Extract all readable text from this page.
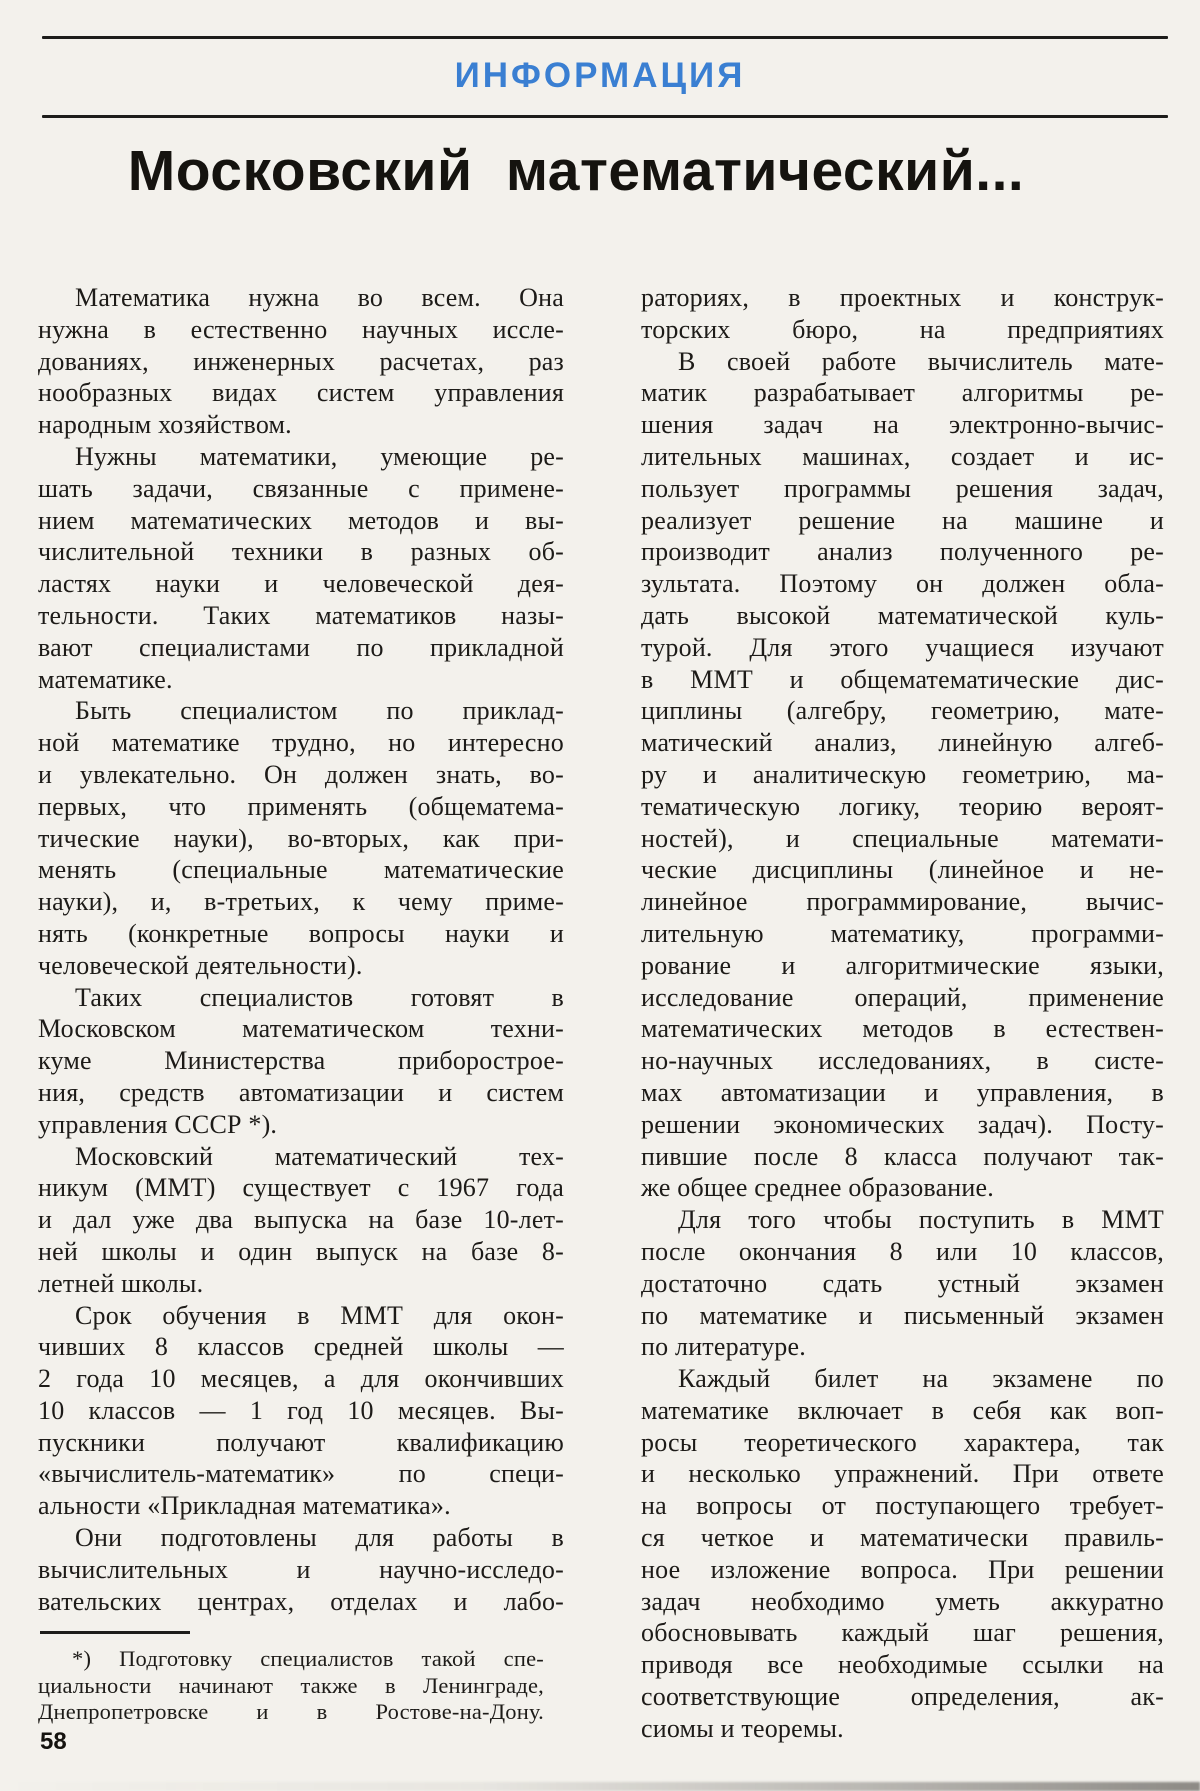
ИНФОРМАЦИЯ
Московский математический...
Математика нужна во всем. Она
нужна в естественно научных иссле-
дованиях, инженерных расчетах, раз
нообразных видах систем управления
народным хозяйством.
Нужны математики, умеющие ре-
шать задачи, связанные с примене-
нием математических методов и вы-
числительной техники в разных об-
ластях науки и человеческой дея-
тельности. Таких математиков назы-
вают специалистами по прикладной
математике.
Быть специалистом по приклад-
ной математике трудно, но интересно
и увлекательно. Он должен знать, во-
первых, что применять (общематема-
тические науки), во-вторых, как при-
менять (специальные математические
науки), и, в-третьих, к чему приме-
нять (конкретные вопросы науки и
человеческой деятельности).
Таких специалистов готовят в
Московском математическом техни-
куме Министерства приборострое-
ния, средств автоматизации и систем
управления СССР *).
Московский математический тех-
никум (ММТ) существует с 1967 года
и дал уже два выпуска на базе 10-лет-
ней школы и один выпуск на базе 8-
летней школы.
Срок обучения в ММТ для окон-
чивших 8 классов средней школы —
2 года 10 месяцев, а для окончивших
10 классов — 1 год 10 месяцев. Вы-
пускники получают квалификацию
«вычислитель-математик» по специ-
альности «Прикладная математика».
Они подготовлены для работы в
вычислительных и научно-исследо-
вательских центрах, отделах и лабо-
раториях, в проектных и конструк-
торских бюро, на предприятиях
В своей работе вычислитель мате-
матик разрабатывает алгоритмы ре-
шения задач на электронно-вычис-
лительных машинах, создает и ис-
пользует программы решения задач,
реализует решение на машине и
производит анализ полученного ре-
зультата. Поэтому он должен обла-
дать высокой математической куль-
турой. Для этого учащиеся изучают
в ММТ и общематематические дис-
циплины (алгебру, геометрию, мате-
матический анализ, линейную алгеб-
ру и аналитическую геометрию, ма-
тематическую логику, теорию вероят-
ностей), и специальные математи-
ческие дисциплины (линейное и не-
линейное программирование, вычис-
лительную математику, программи-
рование и алгоритмические языки,
исследование операций, применение
математических методов в естествен-
но-научных исследованиях, в систе-
мах автоматизации и управления, в
решении экономических задач). Посту-
пившие после 8 класса получают так-
же общее среднее образование.
Для того чтобы поступить в ММТ
после окончания 8 или 10 классов,
достаточно сдать устный экзамен
по математике и письменный экзамен
по литературе.
Каждый билет на экзамене по
математике включает в себя как воп-
росы теоретического характера, так
и несколько упражнений. При ответе
на вопросы от поступающего требует-
ся четкое и математически правиль-
ное изложение вопроса. При решении
задач необходимо уметь аккуратно
обосновывать каждый шаг решения,
приводя все необходимые ссылки на
соответствующие определения, ак-
сиомы и теоремы.
*) Подготовку специалистов такой спе-
циальности начинают также в Ленинграде,
Днепропетровске и в Ростове-на-Дону.
58
